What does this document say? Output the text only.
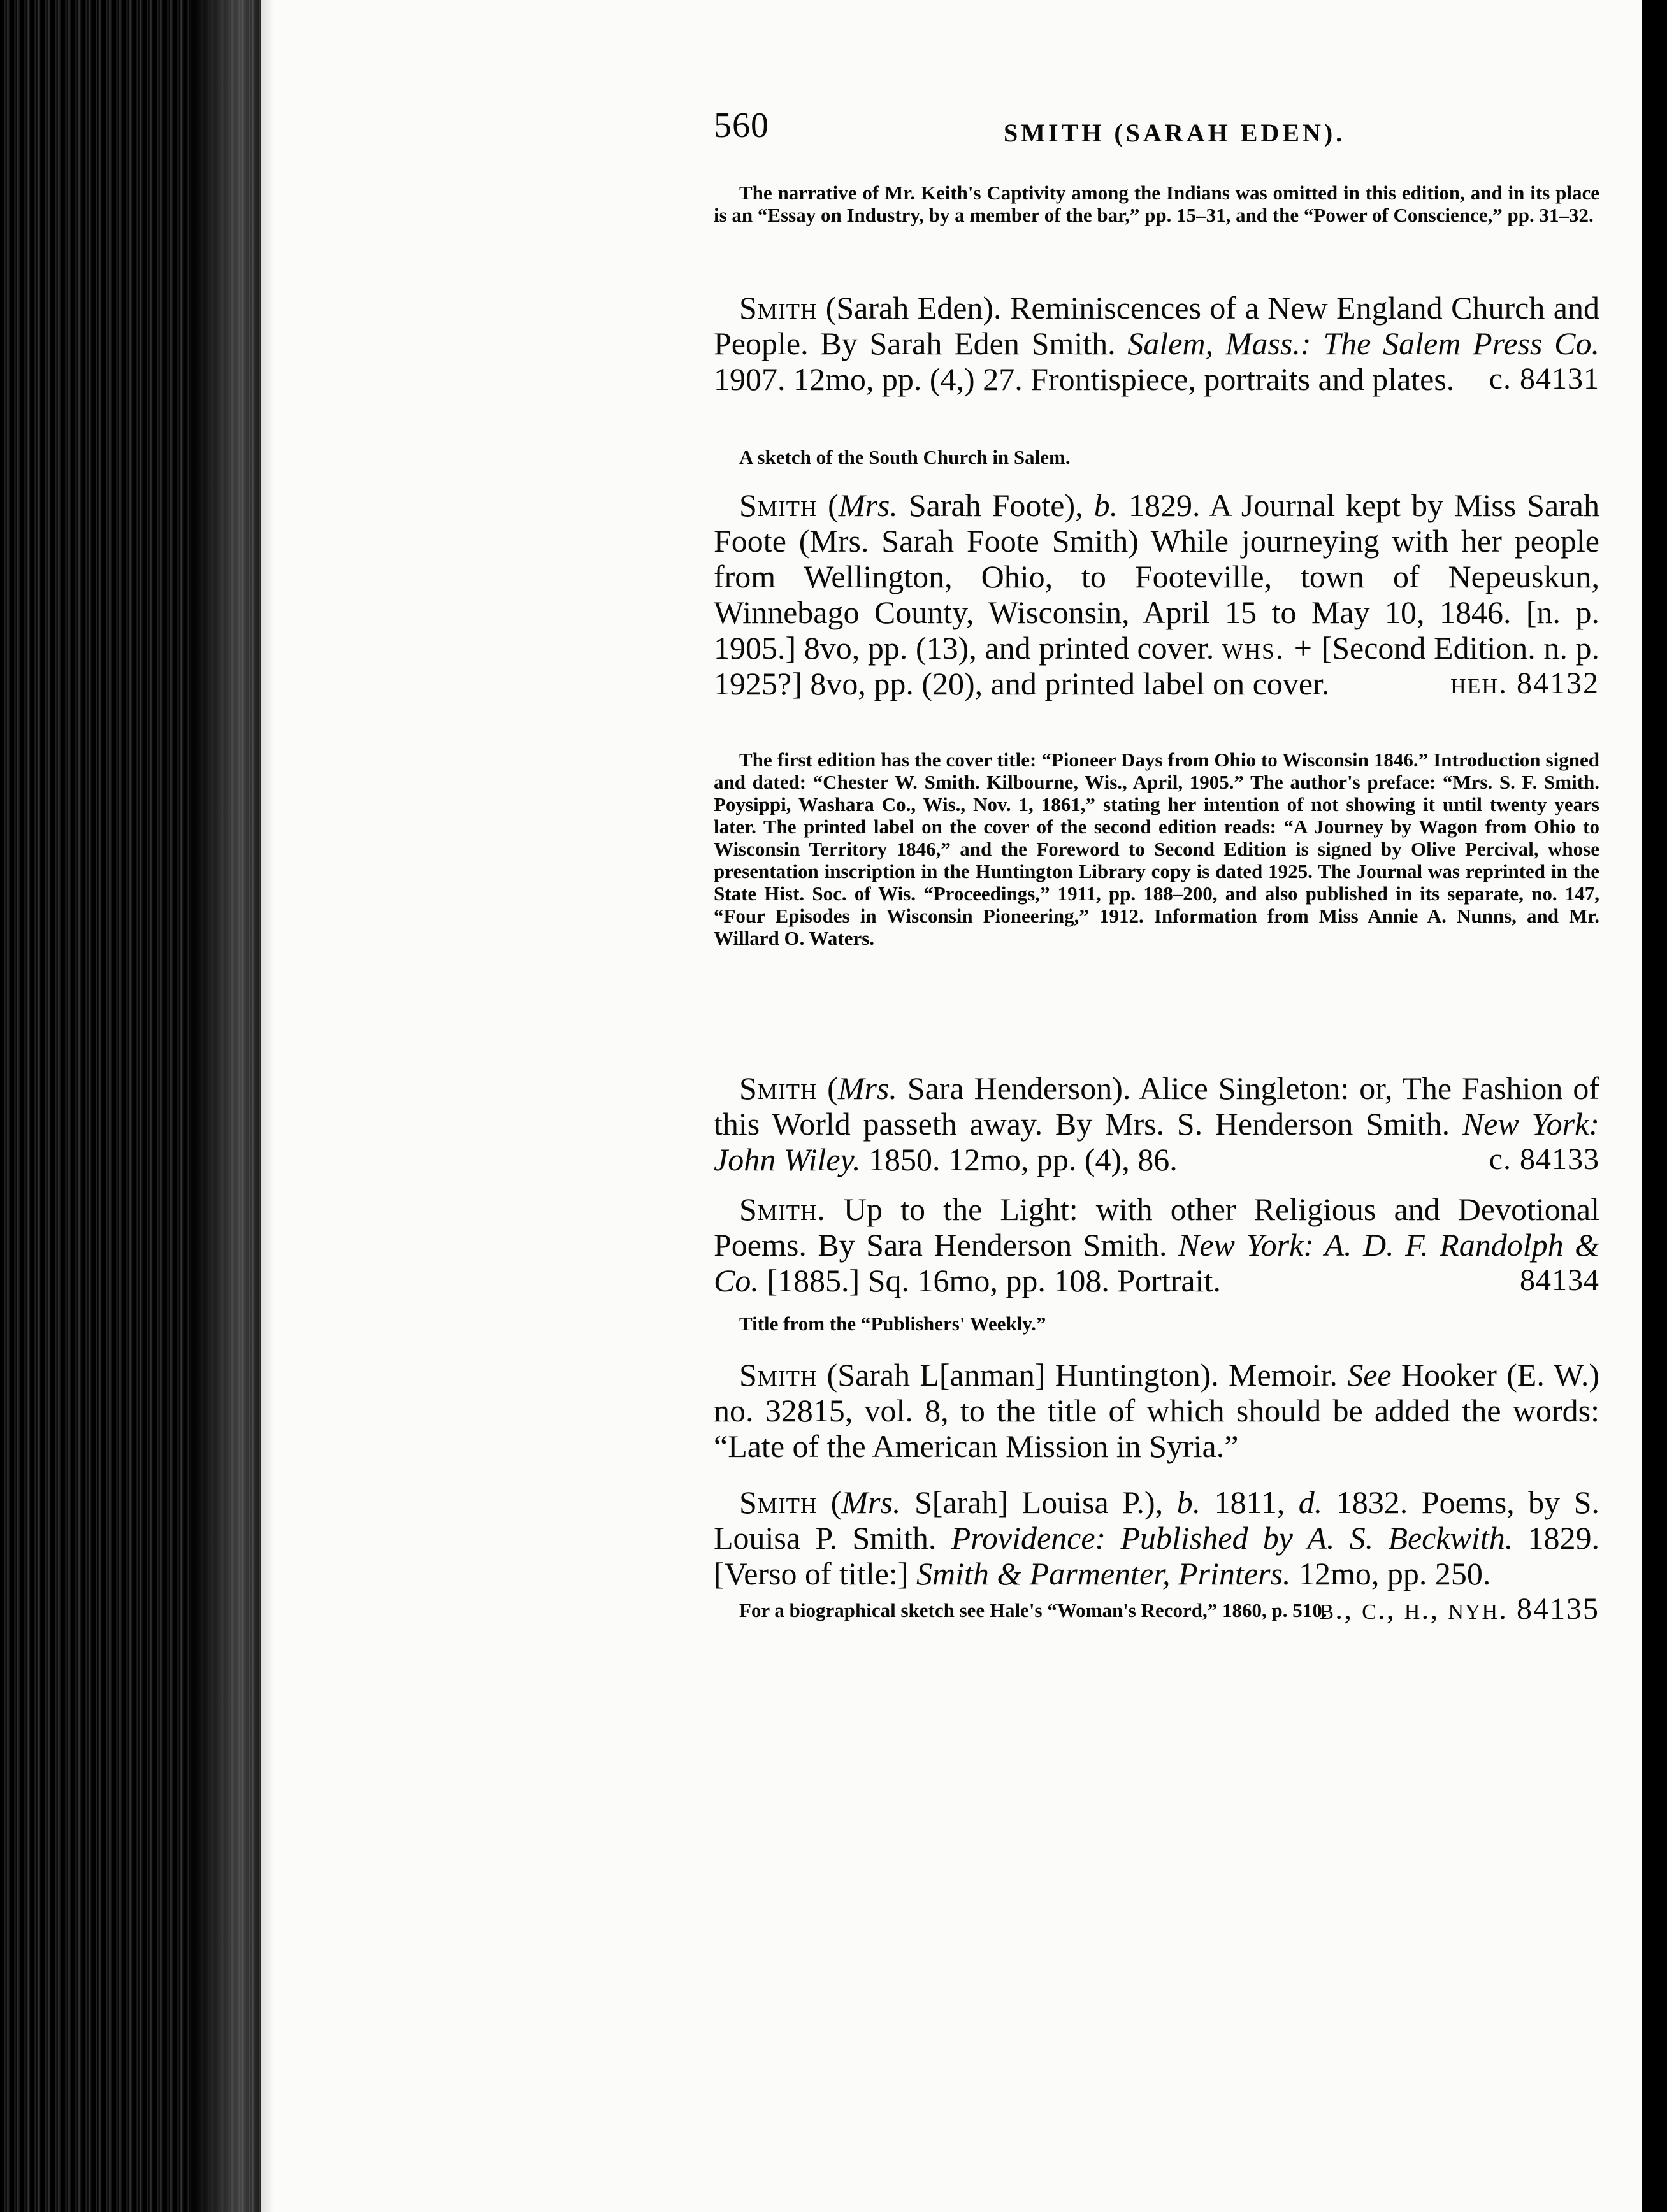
560	SMITH (SARAH EDEN).
The narrative of Mr. Keith's Captivity among the Indians was omitted in this edition, and in its place is an “Essay on Industry, by a member of the bar,” pp. 15–31, and the “Power of Conscience,” pp. 31–32.
Smith (Sarah Eden). Reminiscences of a New England Church and People. By Sarah Eden Smith. Salem, Mass.: The Salem Press Co. 1907. 12mo, pp. (4,) 27. Frontispiece, portraits and plates.	c. 84131
A sketch of the South Church in Salem.
Smith (Mrs. Sarah Foote), b. 1829. A Journal kept by Miss Sarah Foote (Mrs. Sarah Foote Smith) While journeying with her people from Wellington, Ohio, to Footeville, town of Nepeuskun, Winnebago County, Wisconsin, April 15 to May 10, 1846. [n. p. 1905.] 8vo, pp. (13), and printed cover. whs. + [Second Edition. n. p. 1925?] 8vo, pp. (20), and printed label on cover.	heh. 84132
The first edition has the cover title: “Pioneer Days from Ohio to Wisconsin 1846.” Introduction signed and dated: “Chester W. Smith. Kilbourne, Wis., April, 1905.” The author's preface: “Mrs. S. F. Smith. Poysippi, Washara Co., Wis., Nov. 1, 1861,” stating her intention of not showing it until twenty years later. The printed label on the cover of the second edition reads: “A Journey by Wagon from Ohio to Wisconsin Territory 1846,” and the Foreword to Second Edition is signed by Olive Percival, whose presentation inscription in the Huntington Library copy is dated 1925. The Journal was reprinted in the State Hist. Soc. of Wis. “Proceedings,” 1911, pp. 188–200, and also published in its separate, no. 147, “Four Episodes in Wisconsin Pioneering,” 1912. Information from Miss Annie A. Nunns, and Mr. Willard O. Waters.
Smith (Mrs. Sara Henderson). Alice Singleton: or, The Fashion of this World passeth away. By Mrs. S. Henderson Smith. New York: John Wiley. 1850. 12mo, pp. (4), 86.	c. 84133
Smith. Up to the Light: with other Religious and Devotional Poems. By Sara Henderson Smith. New York: A. D. F. Randolph & Co. [1885.] Sq. 16mo, pp. 108. Portrait.	84134
Title from the “Publishers' Weekly.”
Smith (Sarah L[anman] Huntington). Memoir. See Hooker (E. W.) no. 32815, vol. 8, to the title of which should be added the words: “Late of the American Mission in Syria.”
Smith (Mrs. S[arah] Louisa P.), b. 1811, d. 1832. Poems, by S. Louisa P. Smith. Providence: Published by A. S. Beckwith. 1829. [Verso of title:] Smith & Parmenter, Printers. 12mo, pp. 250.
b., c., h., nyh. 84135
For a biographical sketch see Hale's “Woman's Record,” 1860, p. 510.
